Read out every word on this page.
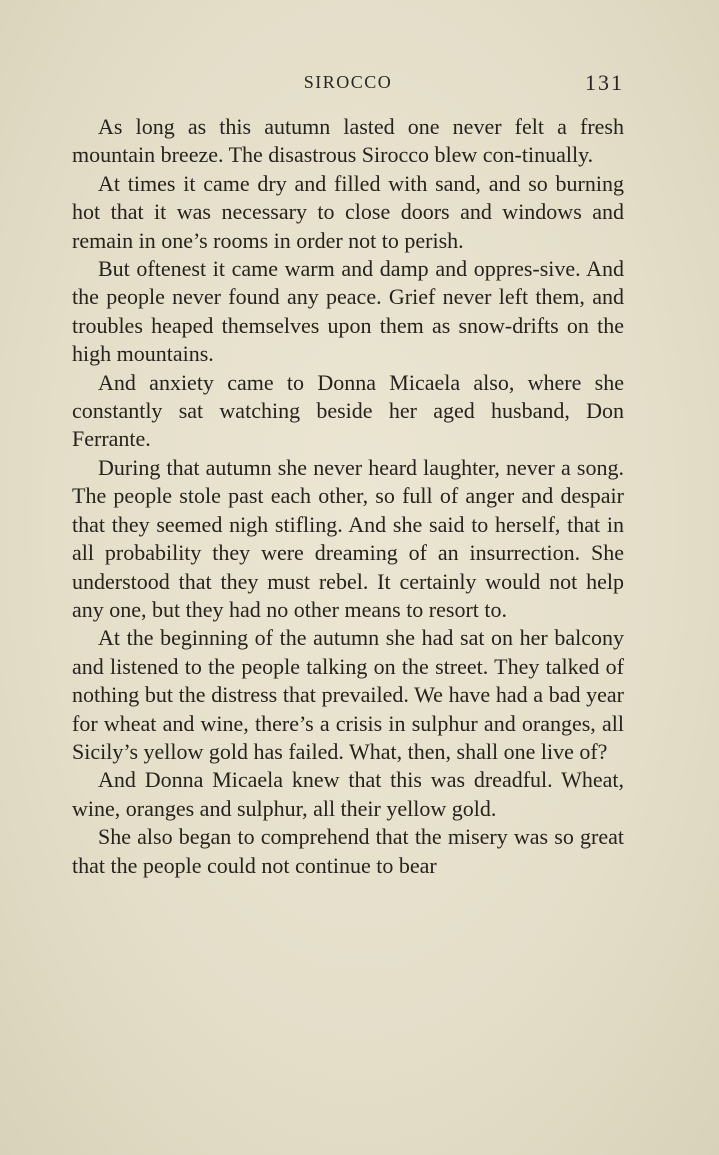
SIROCCO	131

As long as this autumn lasted one never felt a fresh mountain breeze. The disastrous Sirocco blew con-tinually.

At times it came dry and filled with sand, and so burning hot that it was necessary to close doors and windows and remain in one’s rooms in order not to perish.

But oftenest it came warm and damp and oppres-sive. And the people never found any peace. Grief never left them, and troubles heaped themselves upon them as snow-drifts on the high mountains.

And anxiety came to Donna Micaela also, where she constantly sat watching beside her aged husband, Don Ferrante.

During that autumn she never heard laughter, never a song. The people stole past each other, so full of anger and despair that they seemed nigh stifling. And she said to herself, that in all probability they were dreaming of an insurrection. She understood that they must rebel. It certainly would not help any one, but they had no other means to resort to.

At the beginning of the autumn she had sat on her balcony and listened to the people talking on the street. They talked of nothing but the distress that prevailed. We have had a bad year for wheat and wine, there’s a crisis in sulphur and oranges, all Sicily’s yellow gold has failed. What, then, shall one live of?

And Donna Micaela knew that this was dreadful. Wheat, wine, oranges and sulphur, all their yellow gold.

She also began to comprehend that the misery was so great that the people could not continue to bear
